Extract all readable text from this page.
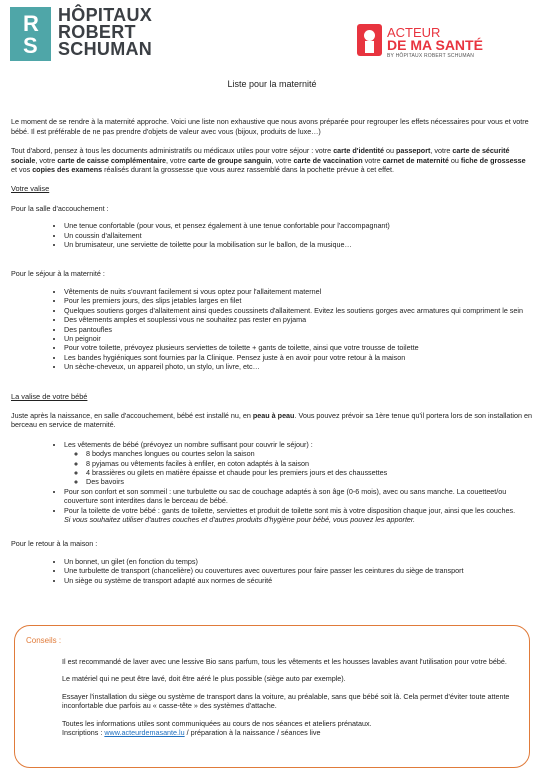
R
S
HÔPITAUX
ROBERT
SCHUMAN
ACTEUR
DE MA SANTÉ
BY HÔPITAUX ROBERT SCHUMAN
Liste pour la maternité

Le moment de se rendre à la maternité approche. Voici une liste non exhaustive que nous avons préparée pour regrouper les effets nécessaires pour vous et votre bébé. Il est préférable de ne pas prendre d'objets de valeur avec vous (bijoux, produits de luxe…)

Tout d'abord, pensez à tous les documents administratifs ou médicaux utiles pour votre séjour : votre carte d'identité ou passeport, votre carte de sécurité sociale, votre carte de caisse complémentaire, votre carte de groupe sanguin, votre carte de vaccination votre carnet de maternité ou fiche de grossesse et vos copies des examens réalisés durant la grossesse que vous aurez rassemblé dans la pochette prévue à cet effet.

Votre valise
Pour la salle d'accouchement :
• Une tenue confortable (pour vous, et pensez également à une tenue confortable pour l'accompagnant)
• Un coussin d'allaitement
• Un brumisateur, une serviette de toilette pour la mobilisation sur le ballon, de la musique…
Pour le séjour à la maternité :
• Vêtements de nuits s'ouvrant facilement si vous optez pour l'allaitement maternel
• Pour les premiers jours, des slips jetables larges en filet
• Quelques soutiens gorges d'allaitement ainsi quedes coussinets d'allaitement. Evitez les soutiens gorges avec armatures qui compriment le sein
• Des vêtements amples et souplessi vous ne souhaitez pas rester en pyjama
• Des pantoufles
• Un peignoir
• Pour votre toilette, prévoyez plusieurs serviettes de toilette + gants de toilette, ainsi que votre trousse de toilette
• Les bandes hygiéniques sont fournies par la Clinique. Pensez juste à en avoir pour votre retour à la maison
• Un sèche-cheveux, un appareil photo, un stylo, un livre, etc…
La valise de votre bébé

Juste après la naissance, en salle d'accouchement, bébé est installé nu, en peau à peau. Vous pouvez prévoir sa 1ère tenue qu'il portera lors de son installation en berceau en service de maternité.

• Les vêtements de bébé (prévoyez un nombre suffisant pour couvrir le séjour) :
◦ 8 bodys manches longues ou courtes selon la saison
◦ 8 pyjamas ou vêtements faciles à enfiler, en coton adaptés à la saison
◦ 4 brassières ou gilets en matière épaisse et chaude pour les premiers jours et des chaussettes
◦ Des bavoirs
• Pour son confort et son sommeil : une turbulette ou sac de couchage adaptés à son âge (0-6 mois), avec ou sans manche. La couetteet/ou couverture sont interdites dans le berceau de bébé.
• Pour la toilette de votre bébé : gants de toilette, serviettes et produit de toilette sont mis à votre disposition chaque jour, ainsi que les couches.
Si vous souhaitez utiliser d'autres couches et d'autres produits d'hygiène pour bébé, vous pouvez les apporter.
Pour le retour à la maison :
• Un bonnet, un gilet (en fonction du temps)
• Une turbulette de transport (chancelière) ou couvertures avec ouvertures pour faire passer les ceintures du siège de transport
• Un siège ou système de transport adapté aux normes de sécurité
Conseils :

Il est recommandé de laver avec une lessive Bio sans parfum, tous les vêtements et les housses lavables avant l'utilisation pour votre bébé.

Le matériel qui ne peut être lavé, doit être aéré le plus possible (siège auto par exemple).

Essayer l'installation du siège ou système de transport dans la voiture, au préalable, sans que bébé soit là. Cela permet d'éviter toute attente inconfortable due parfois au « casse-tête » des systèmes d'attache.

Toutes les informations utiles sont communiquées au cours de nos séances et ateliers prénataux.
Inscriptions : www.acteurdemasante.lu / préparation à la naissance / séances live
